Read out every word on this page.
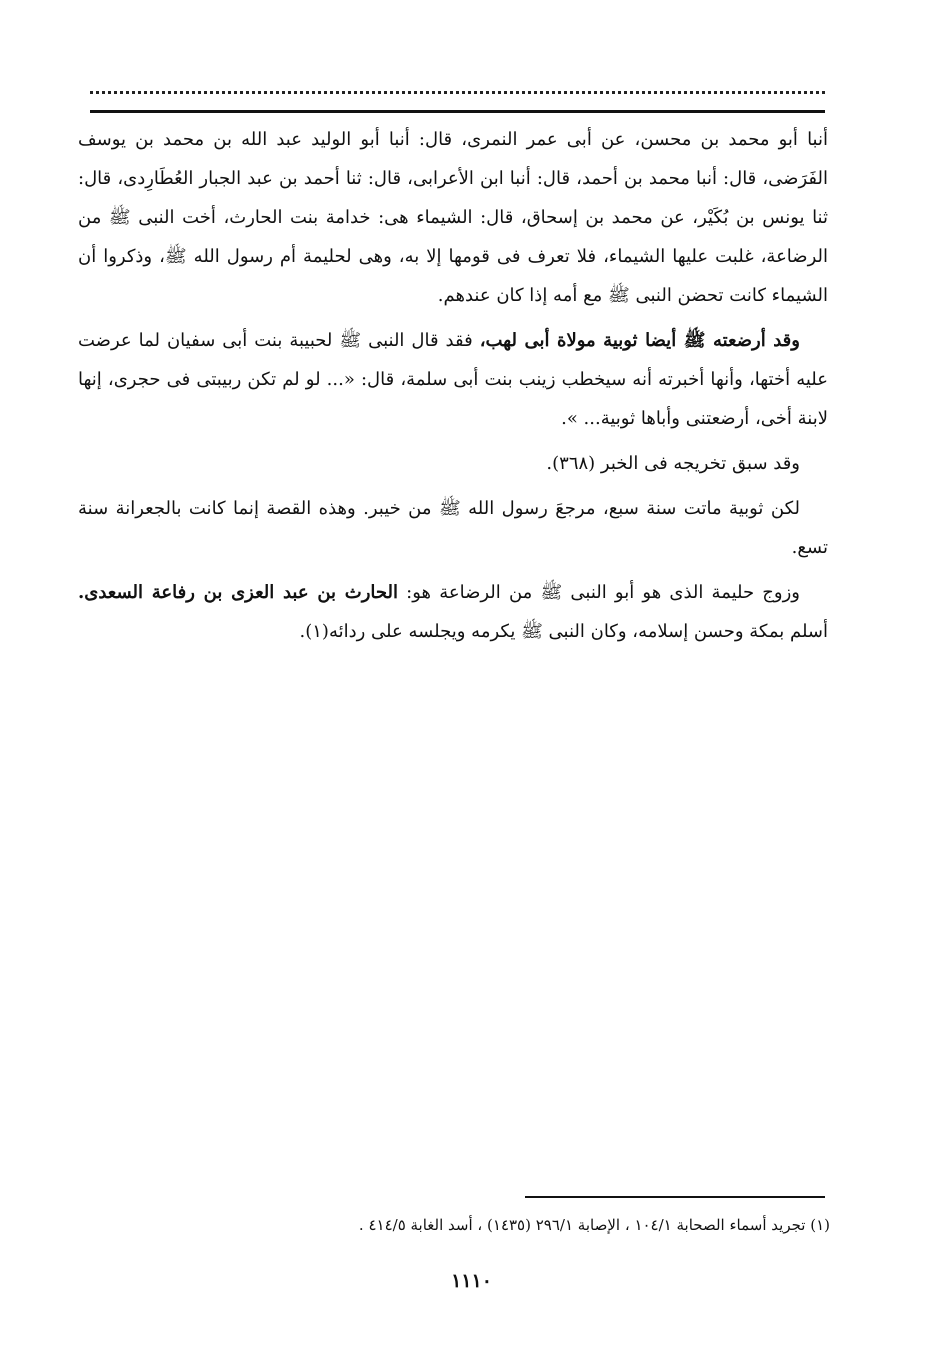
أنبا أبو محمد بن محسن، عن أبى عمر النمرى، قال: أنبا أبو الوليد عبد الله بن محمد بن يوسف الفَرَضى، قال: أنبا محمد بن أحمد، قال: أنبا ابن الأعرابى، قال: ثنا أحمد بن عبد الجبار العُطَارِدى، قال: ثنا يونس بن بُكَيْر، عن محمد بن إسحاق، قال: الشيماء هى: خدامة بنت الحارث، أخت النبى ﷺ من الرضاعة، غلبت عليها الشيماء، فلا تعرف فى قومها إلا به، وهى لحليمة أم رسول الله ﷺ، وذكروا أن الشيماء كانت تحضن النبى ﷺ مع أمه إذا كان عندهم.

وقد أرضعته ﷺ أيضا ثوبية مولاة أبى لهب، فقد قال النبى ﷺ لحبيبة بنت أبى سفيان لما عرضت عليه أختها، وأنها أخبرته أنه سيخطب زينب بنت أبى سلمة، قال: «... لو لم تكن ربيبتى فى حجرى، إنها لابنة أخى، أرضعتنى وأباها ثوبية... ».

وقد سبق تخريجه فى الخبر (٣٦٨).

لكن ثوبية ماتت سنة سبع، مرجعَ رسول الله ﷺ من خيبر. وهذه القصة إنما كانت بالجعرانة سنة تسع.

وزوج حليمة الذى هو أبو النبى ﷺ من الرضاعة هو: الحارث بن عبد العزى بن رفاعة السعدى. أسلم بمكة وحسن إسلامه، وكان النبى ﷺ يكرمه ويجلسه على ردائه(١).

(١) تجريد أسماء الصحابة ١٠٤/١ ، الإصابة ٢٩٦/١ (١٤٣٥) ، أسد الغابة ٤١٤/٥ .
١١١٠
